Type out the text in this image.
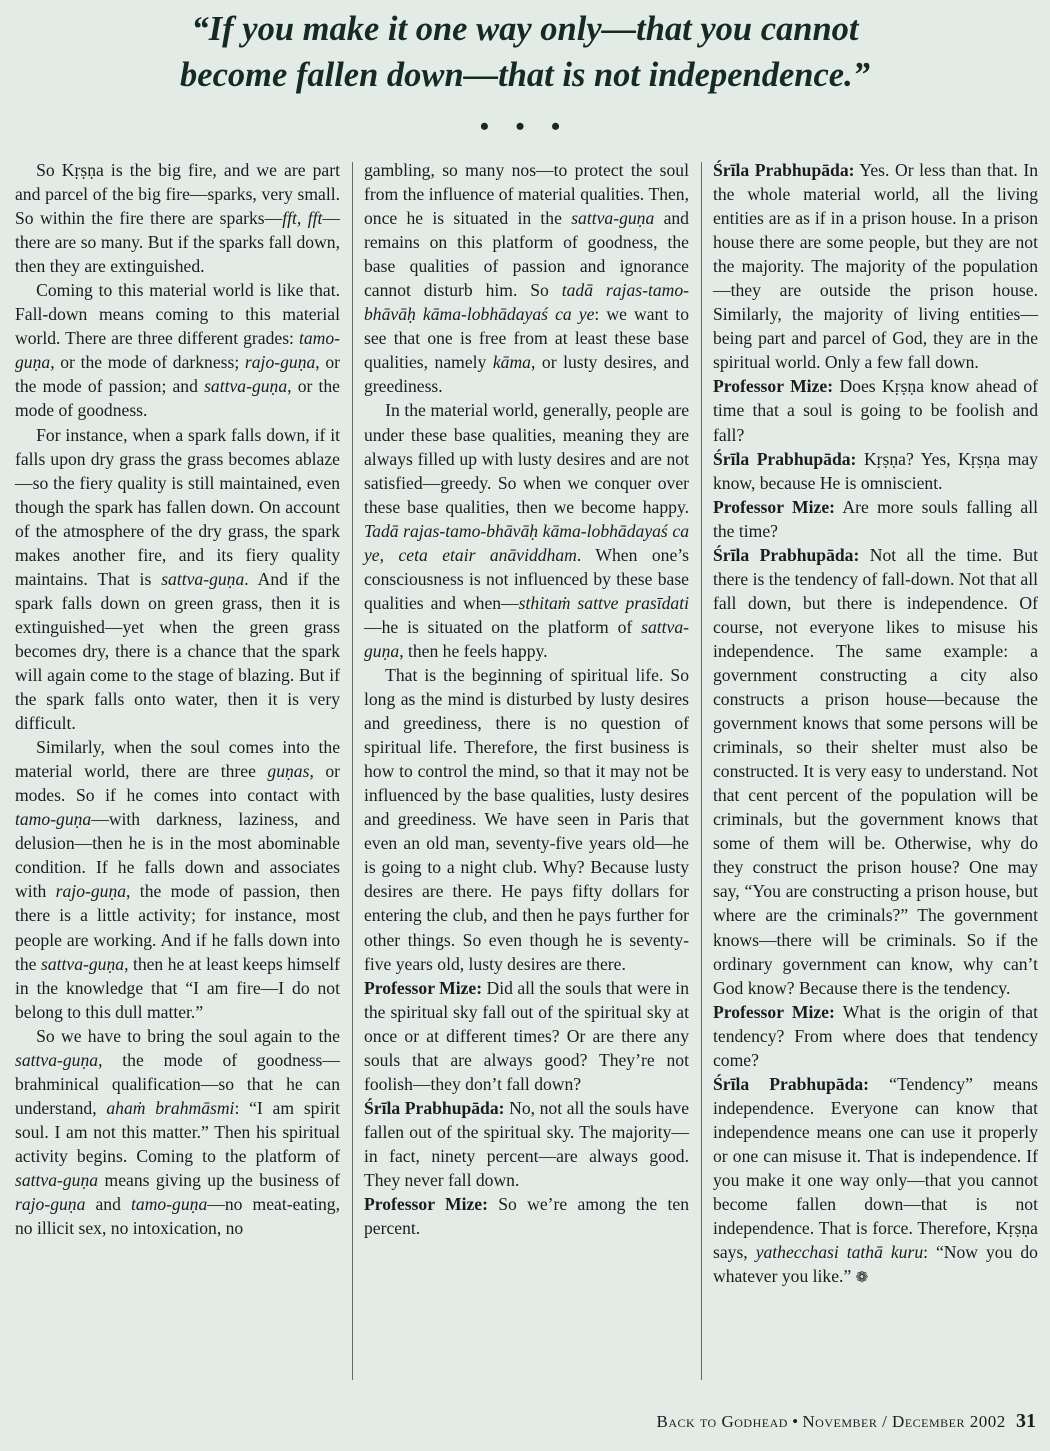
“If you make it one way only—that you cannot
become fallen down—that is not independence.”
• • •

So Kṛṣṇa is the big fire, and we are part and parcel of the big fire—sparks, very small. So within the fire there are sparks—fft, fft—there are so many. But if the sparks fall down, then they are extinguished.

Coming to this material world is like that. Fall-down means coming to this material world. There are three different grades: tamo-guṇa, or the mode of darkness; rajo-guṇa, or the mode of passion; and sattva-guṇa, or the mode of goodness.

For instance, when a spark falls down, if it falls upon dry grass the grass becomes ablaze—so the fiery quality is still maintained, even though the spark has fallen down. On account of the atmosphere of the dry grass, the spark makes another fire, and its fiery quality maintains. That is sattva-guṇa. And if the spark falls down on green grass, then it is extinguished—yet when the green grass becomes dry, there is a chance that the spark will again come to the stage of blazing. But if the spark falls onto water, then it is very difficult.

Similarly, when the soul comes into the material world, there are three guṇas, or modes. So if he comes into contact with tamo-guṇa—with darkness, laziness, and delusion—then he is in the most abominable condition. If he falls down and associates with rajo-guṇa, the mode of passion, then there is a little activity; for instance, most people are working. And if he falls down into the sattva-guṇa, then he at least keeps himself in the knowledge that “I am fire—I do not belong to this dull matter.”

So we have to bring the soul again to the sattva-guṇa, the mode of goodness—brahminical qualification—so that he can understand, ahaṁ brahmāsmi: “I am spirit soul. I am not this matter.” Then his spiritual activity begins. Coming to the platform of sattva-guṇa means giving up the business of rajo-guṇa and tamo-guṇa—no meat-eating, no illicit sex, no intoxication, no

gambling, so many nos—to protect the soul from the influence of material qualities. Then, once he is situated in the sattva-guṇa and remains on this platform of goodness, the base qualities of passion and ignorance cannot disturb him. So tadā rajas-tamo-bhāvāḥ kāma-lobhādayaś ca ye: we want to see that one is free from at least these base qualities, namely kāma, or lusty desires, and greediness.

In the material world, generally, people are under these base qualities, meaning they are always filled up with lusty desires and are not satisfied—greedy. So when we conquer over these base qualities, then we become happy. Tadā rajas-tamo-bhāvāḥ kāma-lobhādayaś ca ye, ceta etair anāviddham. When one’s consciousness is not influenced by these base qualities and when—sthitaṁ sattve prasīdati—he is situated on the platform of sattva-guṇa, then he feels happy.

That is the beginning of spiritual life. So long as the mind is disturbed by lusty desires and greediness, there is no question of spiritual life. Therefore, the first business is how to control the mind, so that it may not be influenced by the base qualities, lusty desires and greediness. We have seen in Paris that even an old man, seventy-five years old—he is going to a night club. Why? Because lusty desires are there. He pays fifty dollars for entering the club, and then he pays further for other things. So even though he is seventy-five years old, lusty desires are there.

Professor Mize: Did all the souls that were in the spiritual sky fall out of the spiritual sky at once or at different times? Or are there any souls that are always good? They’re not foolish—they don’t fall down?

Śrīla Prabhupāda: No, not all the souls have fallen out of the spiritual sky. The majority—in fact, ninety percent—are always good. They never fall down.

Professor Mize: So we’re among the ten percent.

Śrīla Prabhupāda: Yes. Or less than that. In the whole material world, all the living entities are as if in a prison house. In a prison house there are some people, but they are not the majority. The majority of the population—they are outside the prison house. Similarly, the majority of living entities—being part and parcel of God, they are in the spiritual world. Only a few fall down.

Professor Mize: Does Kṛṣṇa know ahead of time that a soul is going to be foolish and fall?

Śrīla Prabhupāda: Kṛṣṇa? Yes, Kṛṣṇa may know, because He is omniscient.

Professor Mize: Are more souls falling all the time?

Śrīla Prabhupāda: Not all the time. But there is the tendency of fall-down. Not that all fall down, but there is independence. Of course, not everyone likes to misuse his independence. The same example: a government constructing a city also constructs a prison house—because the government knows that some persons will be criminals, so their shelter must also be constructed. It is very easy to understand. Not that cent percent of the population will be criminals, but the government knows that some of them will be. Otherwise, why do they construct the prison house? One may say, “You are constructing a prison house, but where are the criminals?” The government knows—there will be criminals. So if the ordinary government can know, why can’t God know? Because there is the tendency.

Professor Mize: What is the origin of that tendency? From where does that tendency come?

Śrīla Prabhupāda: “Tendency” means independence. Everyone can know that independence means one can use it properly or one can misuse it. That is independence. If you make it one way only—that you cannot become fallen down—that is not independence. That is force. Therefore, Kṛṣṇa says, yathecchasi tathā kuru: “Now you do whatever you like.” ❁

Back to Godhead • November / December 2002 31
